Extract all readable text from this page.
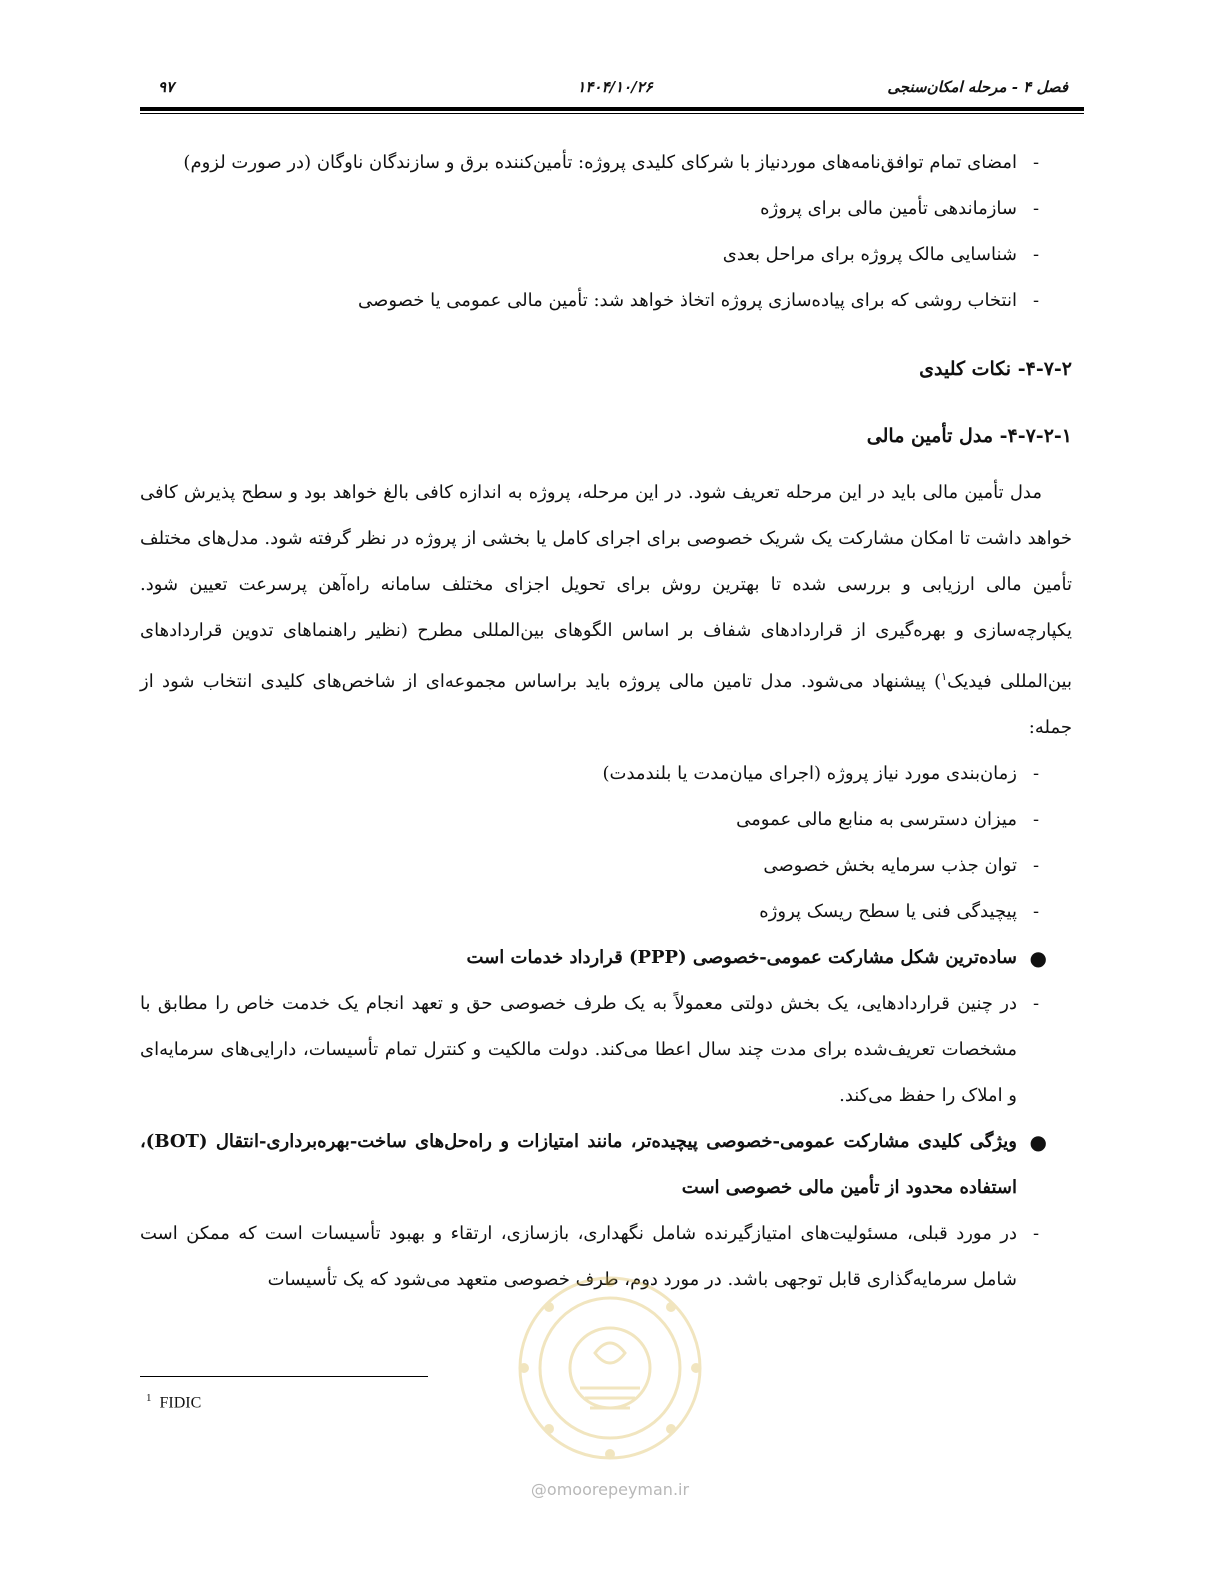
فصل ۴ - مرحله امکان‌سنجی
۱۴۰۴/۱۰/۲۶
۹۷
-
امضای تمام توافق‌نامه‌های موردنیاز با شرکای کلیدی پروژه: تأمین‌کننده برق و سازندگان ناوگان (در صورت لزوم)
-
سازماندهی تأمین مالی برای پروژه
-
شناسایی مالک پروژه برای مراحل بعدی
-
انتخاب روشی که برای پیاده‌سازی پروژه اتخاذ خواهد شد: تأمین مالی عمومی یا خصوصی
۴-۷-۲- نکات کلیدی
۴-۷-۲-۱- مدل تأمین مالی
مدل تأمین مالی باید در این مرحله تعریف شود. در این مرحله، پروژه به اندازه کافی بالغ خواهد بود و سطح پذیرش کافی خواهد داشت تا امکان مشارکت یک شریک خصوصی برای اجرای کامل یا بخشی از پروژه در نظر گرفته شود. مدل‌های مختلف تأمین مالی ارزیابی و بررسی شده تا بهترین روش برای تحویل اجزای مختلف سامانه راه‌آهن پرسرعت تعیین شود. یکپارچه‌سازی و بهره‌گیری از قراردادهای شفاف بر اساس الگوهای بین‌المللی مطرح (نظیر راهنماهای تدوین قراردادهای بین‌المللی فیدیک$^۱$) پیشنهاد می‌شود. مدل تامین مالی پروژه باید براساس مجموعه‌ای از شاخص‌های کلیدی انتخاب شود از جمله:
-
زمان‌بندی مورد نیاز پروژه (اجرای میان‌مدت یا بلندمدت)
-
میزان دسترسی به منابع مالی عمومی
-
توان جذب سرمایه بخش خصوصی
-
پیچیدگی فنی یا سطح ریسک پروژه
●
ساده‌ترین شکل مشارکت عمومی-خصوصی (PPP) قرارداد خدمات است
-
در چنین قراردادهایی، یک بخش دولتی معمولاً به یک طرف خصوصی حق و تعهد انجام یک خدمت خاص را مطابق با مشخصات تعریف‌شده برای مدت چند سال اعطا می‌کند. دولت مالکیت و کنترل تمام تأسیسات، دارایی‌های سرمایه‌ای و املاک را حفظ می‌کند.
●
ویژگی کلیدی مشارکت عمومی-خصوصی پیچیده‌تر، مانند امتیازات و راه‌حل‌های ساخت-بهره‌برداری-انتقال (BOT)، استفاده محدود از تأمین مالی خصوصی است
-
در مورد قبلی، مسئولیت‌های امتیازگیرنده شامل نگهداری، بازسازی، ارتقاء و بهبود تأسیسات است که ممکن است شامل سرمایه‌گذاری قابل توجهی باشد. در مورد دوم، طرف خصوصی متعهد می‌شود که یک تأسیسات
$^1$ FIDIC
@omoorepeyman.ir
